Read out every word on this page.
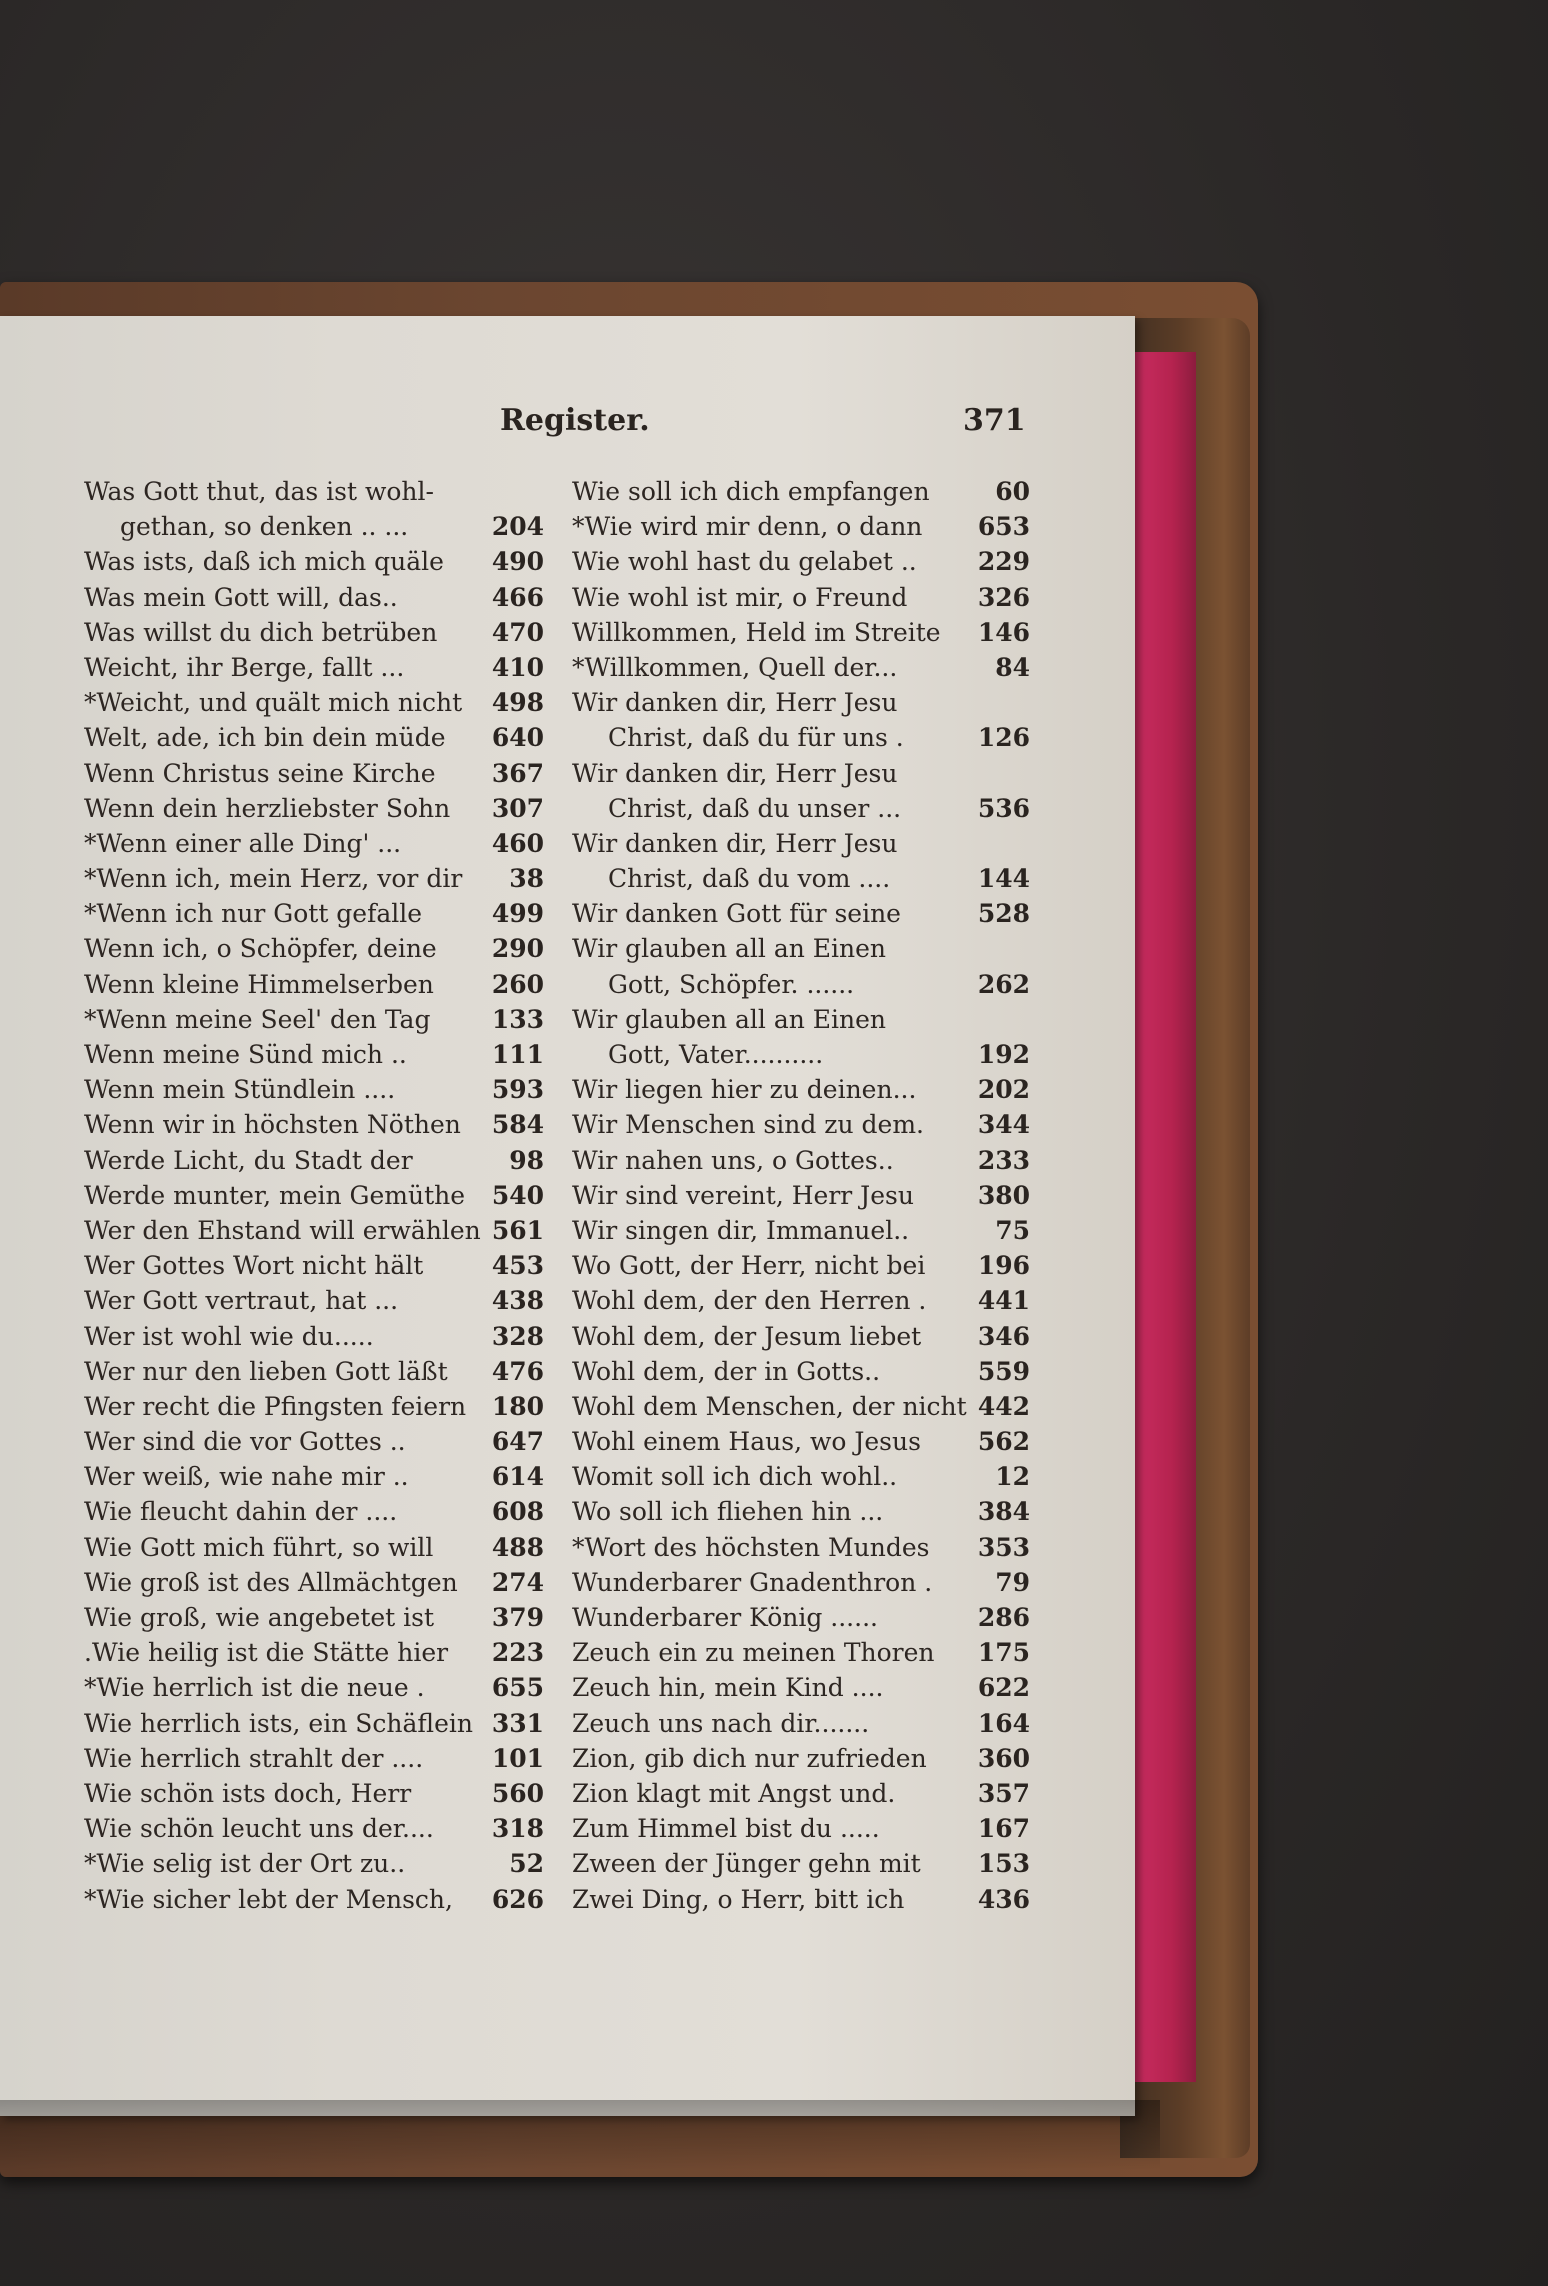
Register.	371
Was Gott thut, das ist wohl-
gethan, so denken .. ...	204
Was ists, daß ich mich quäle	490
Was mein Gott will, das..	466
Was willst du dich betrüben	470
Weicht, ihr Berge, fallt ...	410
*Weicht, und quält mich nicht	498
Welt, ade, ich bin dein müde	640
Wenn Christus seine Kirche	367
Wenn dein herzliebster Sohn	307
*Wenn einer alle Ding' ...	460
*Wenn ich, mein Herz, vor dir	38
*Wenn ich nur Gott gefalle	499
Wenn ich, o Schöpfer, deine	290
Wenn kleine Himmelserben	260
*Wenn meine Seel' den Tag	133
Wenn meine Sünd mich ..	111
Wenn mein Stündlein ....	593
Wenn wir in höchsten Nöthen	584
Werde Licht, du Stadt der	98
Werde munter, mein Gemüthe	540
Wer den Ehstand will erwählen 561
Wer Gottes Wort nicht hält	453
Wer Gott vertraut, hat ...	438
Wer ist wohl wie du.....	328
Wer nur den lieben Gott läßt	476
Wer recht die Pfingsten feiern	180
Wer sind die vor Gottes ..	647
Wer weiß, wie nahe mir ..	614
Wie fleucht dahin der ....	608
Wie Gott mich führt, so will	488
Wie groß ist des Allmächtgen	274
Wie groß, wie angebetet ist	379
.Wie heilig ist die Stätte hier	223
*Wie herrlich ist die neue .	655
Wie herrlich ists, ein Schäflein 331
Wie herrlich strahlt der ....	101
Wie schön ists doch, Herr	560
Wie schön leucht uns der....	318
*Wie selig ist der Ort zu..	52
*Wie sicher lebt der Mensch,	626
Wie soll ich dich empfangen	60
*Wie wird mir denn, o dann	653
Wie wohl hast du gelabet ..	229
Wie wohl ist mir, o Freund	326
Willkommen, Held im Streite	146
*Willkommen, Quell der...	84
Wir danken dir, Herr Jesu
Christ, daß du für uns .	126
Wir danken dir, Herr Jesu
Christ, daß du unser ...	536
Wir danken dir, Herr Jesu
Christ, daß du vom ....	144
Wir danken Gott für seine	528
Wir glauben all an Einen
Gott, Schöpfer. ......	262
Wir glauben all an Einen
Gott, Vater..........	192
Wir liegen hier zu deinen...	202
Wir Menschen sind zu dem.	344
Wir nahen uns, o Gottes..	233
Wir sind vereint, Herr Jesu	380
Wir singen dir, Immanuel..	75
Wo Gott, der Herr, nicht bei	196
Wohl dem, der den Herren .	441
Wohl dem, der Jesum liebet	346
Wohl dem, der in Gotts..	559
Wohl dem Menschen, der nicht 442
Wohl einem Haus, wo Jesus	562
Womit soll ich dich wohl..	12
Wo soll ich fliehen hin ...	384
*Wort des höchsten Mundes	353
Wunderbarer Gnadenthron .	79
Wunderbarer König ......	286
Zeuch ein zu meinen Thoren	175
Zeuch hin, mein Kind ....	622
Zeuch uns nach dir.......	164
Zion, gib dich nur zufrieden	360
Zion klagt mit Angst und.	357
Zum Himmel bist du .....	167
Zween der Jünger gehn mit	153
Zwei Ding, o Herr, bitt ich	436
